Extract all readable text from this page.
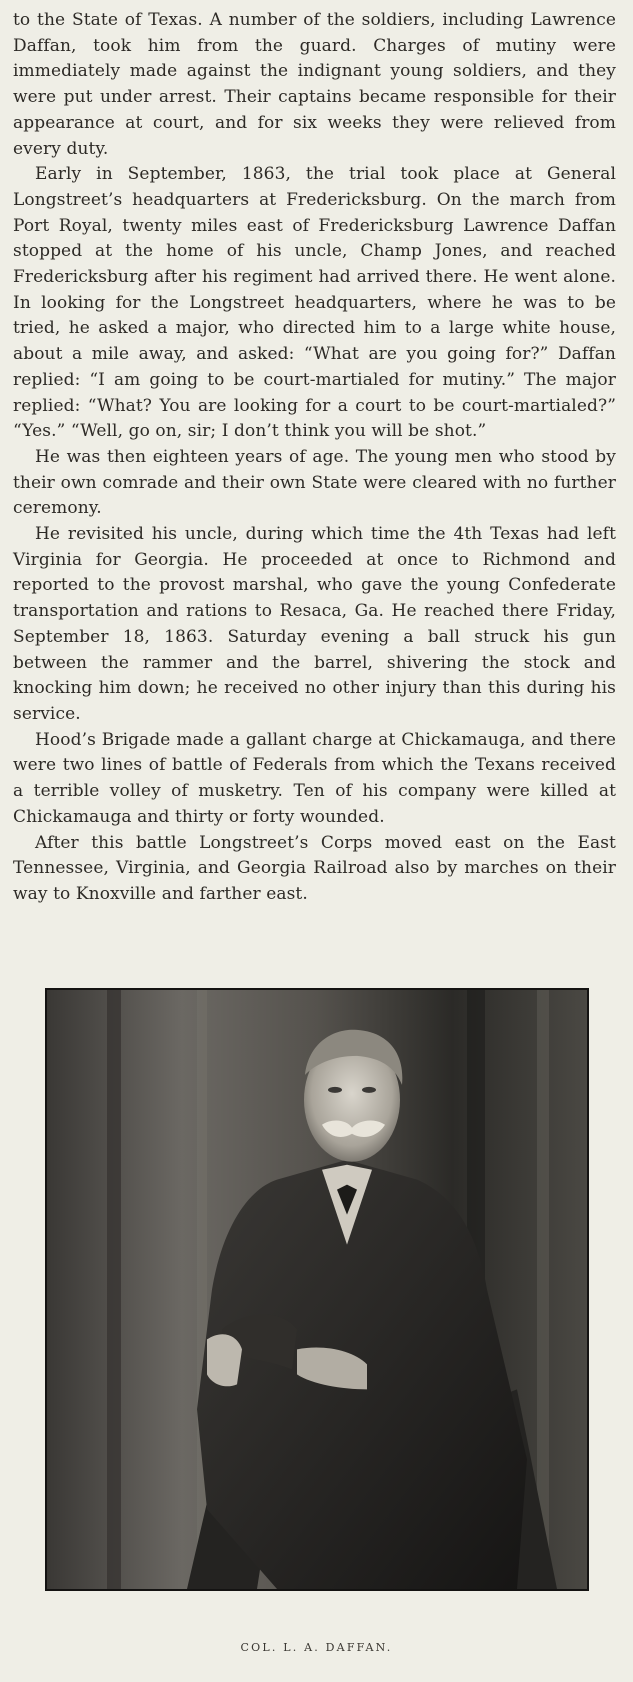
to the State of Texas. A number of the soldiers, including Lawrence Daffan, took him from the guard. Charges of mutiny were immediately made against the indignant young soldiers, and they were put under arrest. Their captains became responsible for their appearance at court, and for six weeks they were relieved from every duty.

Early in September, 1863, the trial took place at General Longstreet’s headquarters at Fredericksburg. On the march from Port Royal, twenty miles east of Fredericksburg Lawrence Daffan stopped at the home of his uncle, Champ Jones, and reached Fredericksburg after his regiment had arrived there. He went alone. In looking for the Longstreet headquarters, where he was to be tried, he asked a major, who directed him to a large white house, about a mile away, and asked: “What are you going for?” Daffan replied: “I am going to be court-martialed for mutiny.” The major replied: “What? You are looking for a court to be court-martialed?” “Yes.” “Well, go on, sir; I don’t think you will be shot.”

He was then eighteen years of age. The young men who stood by their own comrade and their own State were cleared with no further ceremony.

He revisited his uncle, during which time the 4th Texas had left Virginia for Georgia. He proceeded at once to Richmond and reported to the provost marshal, who gave the young Confederate transportation and rations to Resaca, Ga. He reached there Friday, September 18, 1863. Saturday evening a ball struck his gun between the rammer and the barrel, shivering the stock and knocking him down; he received no other injury than this during his service.

Hood’s Brigade made a gallant charge at Chickamauga, and there were two lines of battle of Federals from which the Texans received a terrible volley of musketry. Ten of his company were killed at Chickamauga and thirty or forty wounded.

After this battle Longstreet’s Corps moved east on the East Tennessee, Virginia, and Georgia Railroad also by marches on their way to Knoxville and farther east.

COL. L. A. DAFFAN.
